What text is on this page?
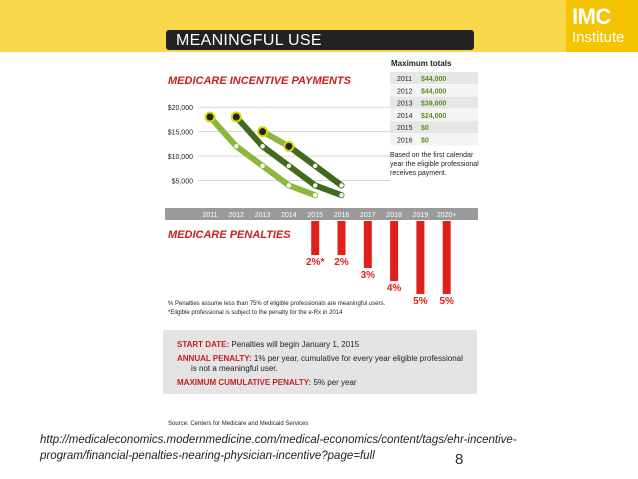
IMC
Institute
MEANINGFUL USE
MEDICARE INCENTIVE PAYMENTS
$20,000
$15,000
$10,000
$5,000
2011 2012 2013 2014 2015 2016 2017 2018 2019 2020+
MEDICARE PENALTIES
2%* 2%
3%
4%
5% 5%
Maximum totals
2011 $44,000
2012 $44,000
2013 $39,000
2014 $24,000
2015 $0
2016 $0
Based on the first calendar year the eligible professional receives payment.
% Penalties assume less than 75% of eligible professionals are meaningful users.
*Eligible professional is subject to the penalty for the e-Rx in 2014
START DATE: Penalties will begin January 1, 2015
ANNUAL PENALTY: 1% per year, cumulative for every year eligible professional
is not a meaningful user.
MAXIMUM CUMULATIVE PENALTY: 5% per year
Source: Centers for Medicare and Medicaid Services
http://medicaleconomics.modernmedicine.com/medical-economics/content/tags/ehr-incentive-
program/financial-penalties-nearing-physician-incentive?page=full	8
